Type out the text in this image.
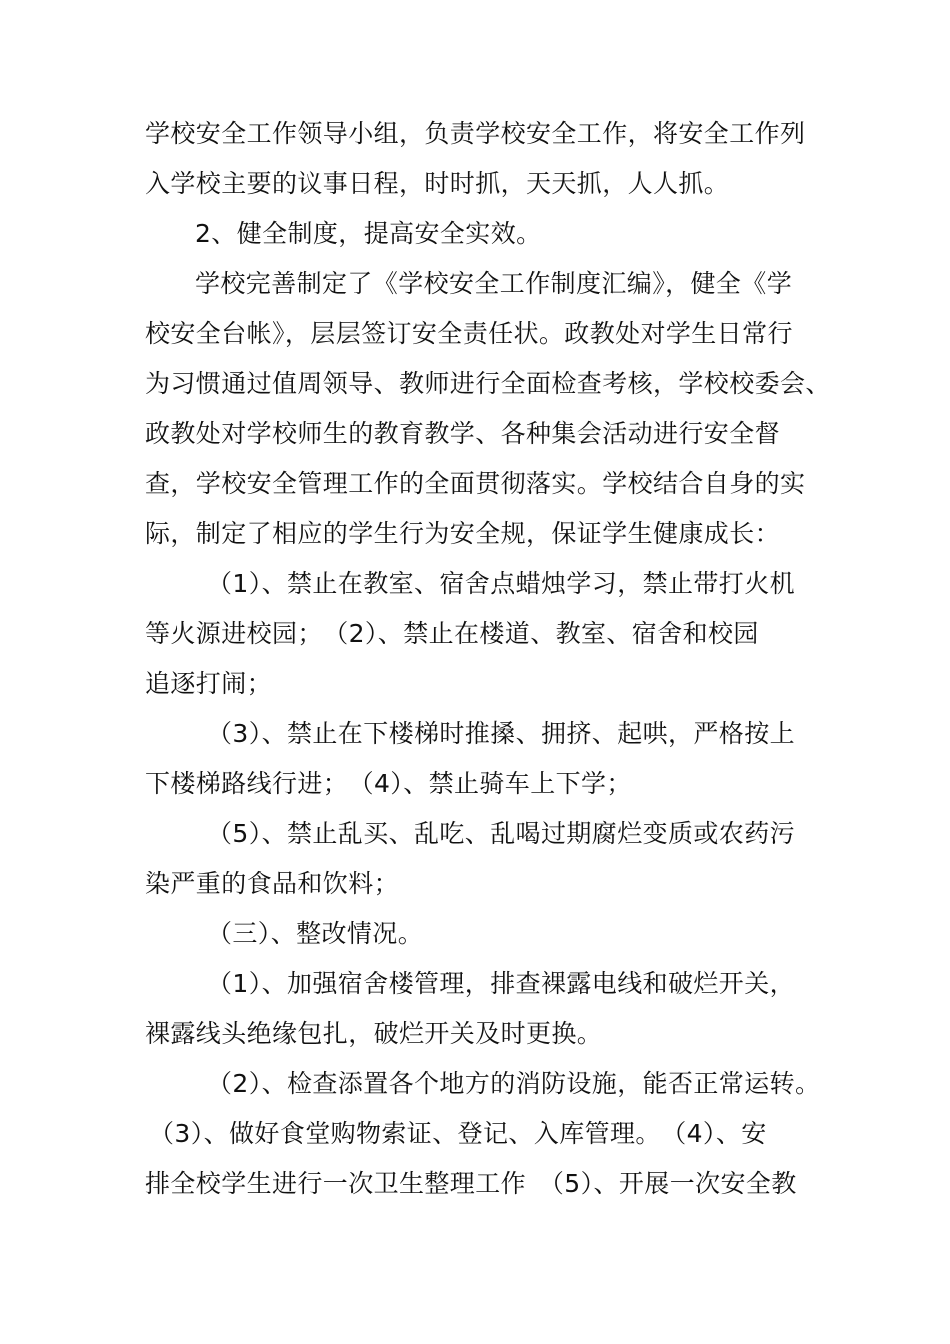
学校安全工作领导小组，负责学校安全工作，将安全工作列
入学校主要的议事日程，时时抓，天天抓，人人抓。
2、健全制度，提高安全实效。
学校完善制定了《学校安全工作制度汇编》，健全《学
校安全台帐》，层层签订安全责任状。政教处对学生日常行
为习惯通过值周领导、教师进行全面检查考核，学校校委会、
政教处对学校师生的教育教学、各种集会活动进行安全督
查，学校安全管理工作的全面贯彻落实。学校结合自身的实
际，制定了相应的学生行为安全规，保证学生健康成长：
（1）、禁止在教室、宿舍点蜡烛学习，禁止带打火机
等火源进校园；　（2）、禁止在楼道、教室、宿舍和校园
追逐打闹；
（3）、禁止在下楼梯时推搡、拥挤、起哄，严格按上
下楼梯路线行进；　（4）、禁止骑车上下学；
（5）、禁止乱买、乱吃、乱喝过期腐烂变质或农药污
染严重的食品和饮料；
（三）、整改情况。
（1）、加强宿舍楼管理，排查裸露电线和破烂开关，
裸露线头绝缘包扎，破烂开关及时更换。
（2）、检查添置各个地方的消防设施，能否正常运转。
（3）、做好食堂购物索证、登记、入库管理。　（4）、安
排全校学生进行一次卫生整理工作　（5）、开展一次安全教
